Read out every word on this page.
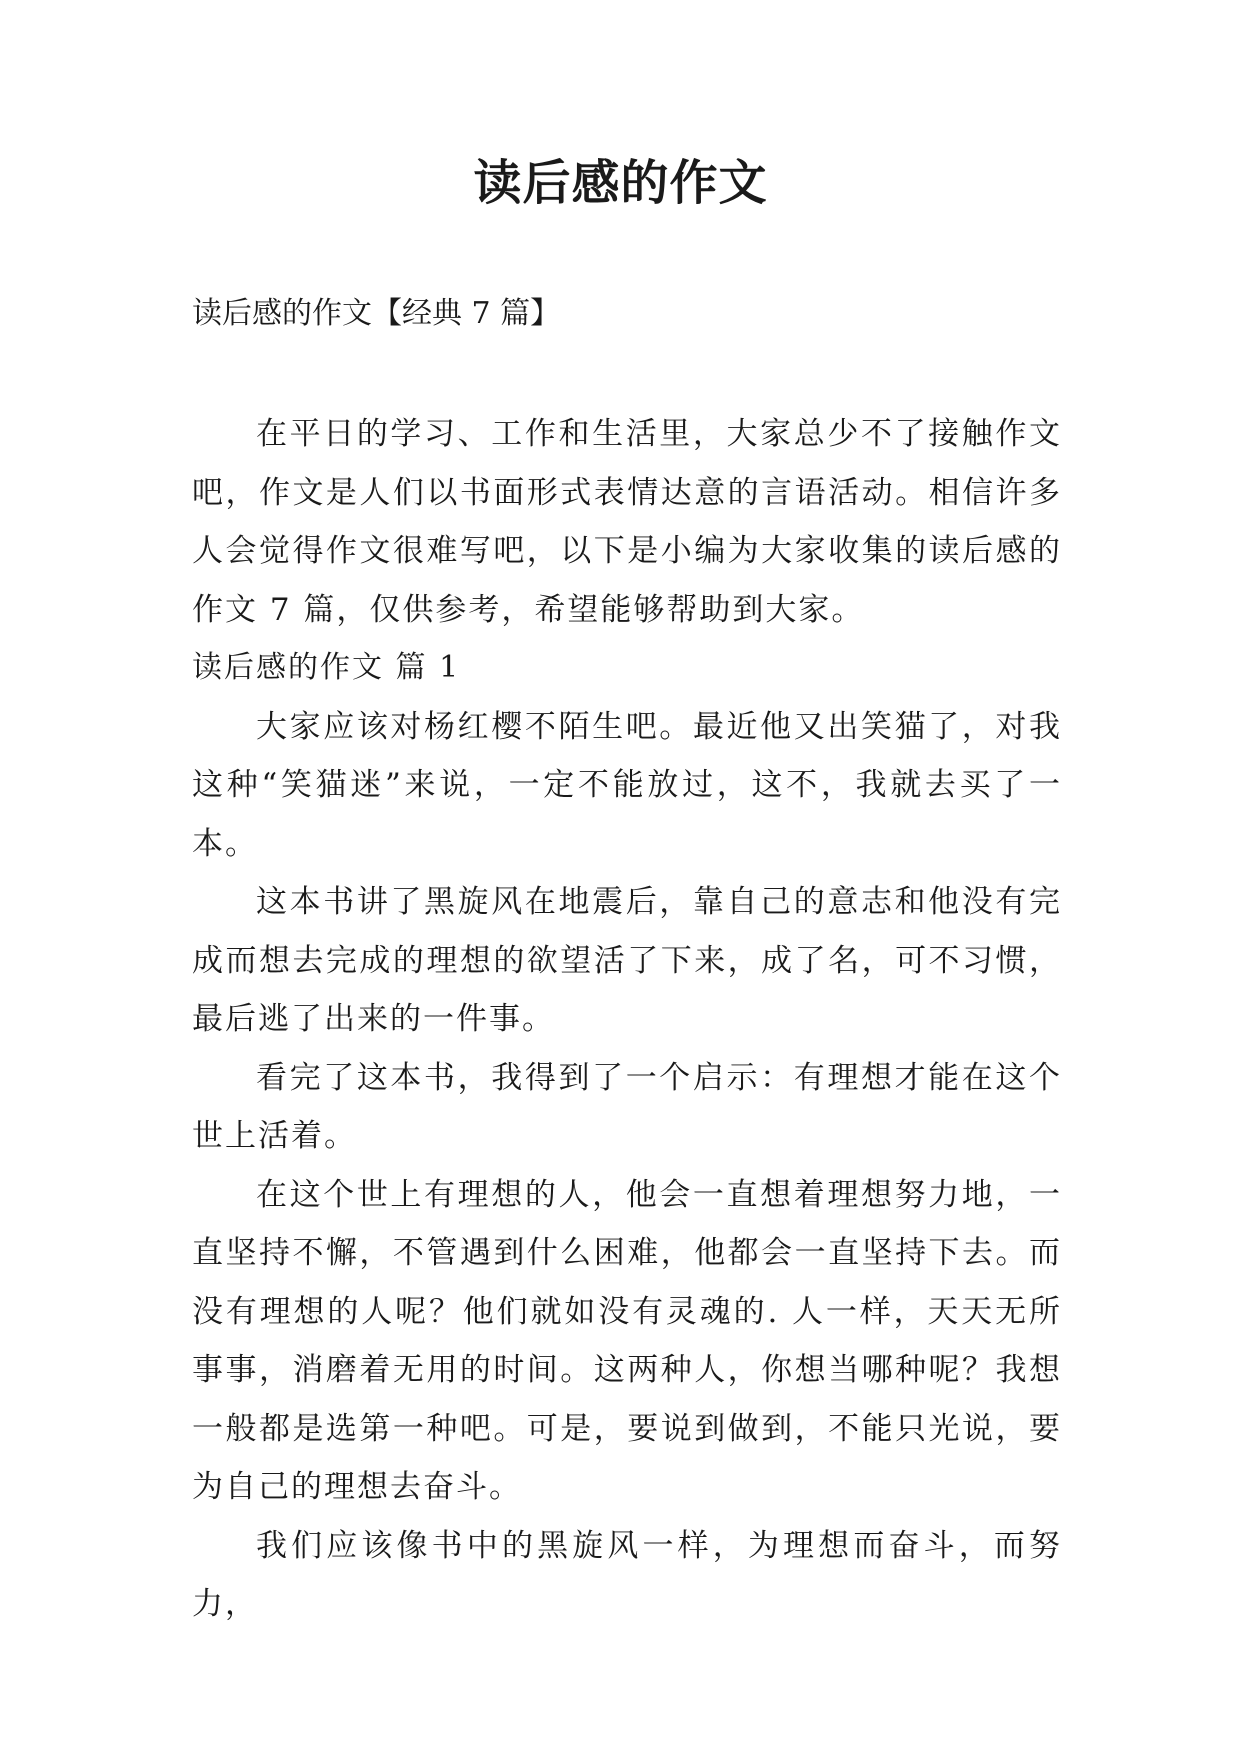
读后感的作文
读后感的作文【经典 7 篇】

在平日的学习、工作和生活里，大家总少不了接触作文吧，作文是人们以书面形式表情达意的言语活动。相信许多人会觉得作文很难写吧，以下是小编为大家收集的读后感的作文 7 篇，仅供参考，希望能够帮助到大家。

读后感的作文 篇 1

大家应该对杨红樱不陌生吧。最近他又出笑猫了，对我这种“笑猫迷”来说，一定不能放过，这不，我就去买了一本。

这本书讲了黑旋风在地震后，靠自己的意志和他没有完成而想去完成的理想的欲望活了下来，成了名，可不习惯，最后逃了出来的一件事。

看完了这本书，我得到了一个启示：有理想才能在这个世上活着。

在这个世上有理想的人，他会一直想着理想努力地，一直坚持不懈，不管遇到什么困难，他都会一直坚持下去。而没有理想的人呢？他们就如没有灵魂的. 人一样，天天无所事事，消磨着无用的时间。这两种人，你想当哪种呢？我想一般都是选第一种吧。可是，要说到做到，不能只光说，要为自己的理想去奋斗。

我们应该像书中的黑旋风一样，为理想而奋斗，而努力，
